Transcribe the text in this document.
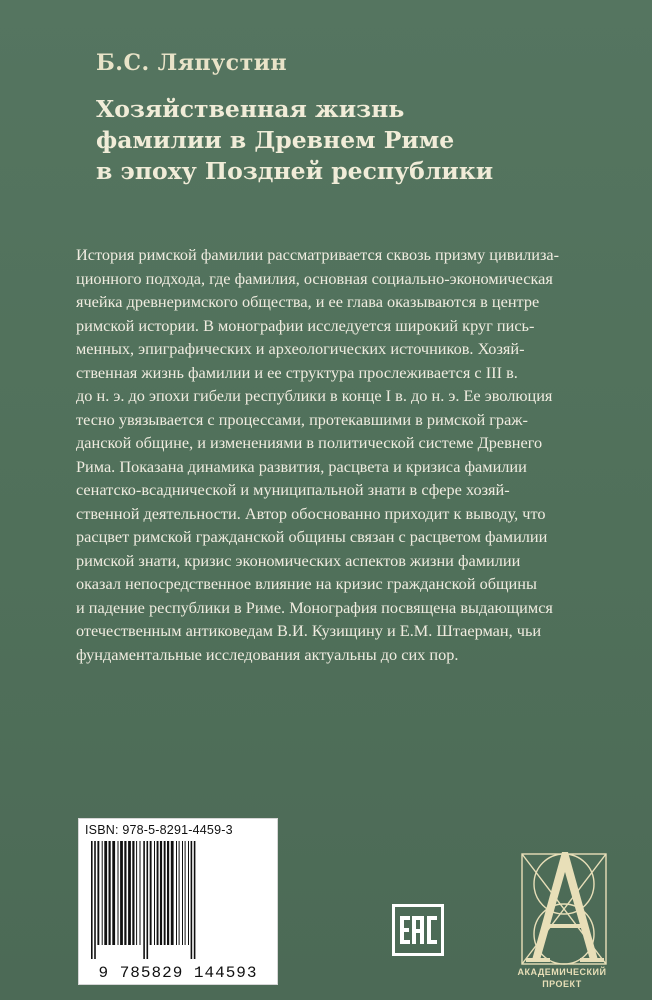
Б.С. Ляпустин
Хозяйственная жизнь
фамилии в Древнем Риме
в эпоху Поздней республики
История римской фамилии рассматривается сквозь призму цивилиза-
ционного подхода, где фамилия, основная социально-экономическая
ячейка древнеримского общества, и ее глава оказываются в центре
римской истории. В монографии исследуется широкий круг пись-
менных, эпиграфических и археологических источников. Хозяй-
ственная жизнь фамилии и ее структура прослеживается с III в.
до н. э. до эпохи гибели республики в конце I в. до н. э. Ее эволюция
тесно увязывается с процессами, протекавшими в римской граж-
данской общине, и изменениями в политической системе Древнего
Рима. Показана динамика развития, расцвета и кризиса фамилии
сенатско-всаднической и муниципальной знати в сфере хозяй-
ственной деятельности. Автор обоснованно приходит к выводу, что
расцвет римской гражданской общины связан с расцветом фамилии
римской знати, кризис экономических аспектов жизни фамилии
оказал непосредственное влияние на кризис гражданской общины
и падение республики в Риме. Монография посвящена выдающимся
отечественным антиковедам В.И. Кузищину и Е.М. Штаерман, чьи
фундаментальные исследования актуальны до сих пор.
ISBN: 978-5-8291-4459-3
9 785829 144593	АКАДЕМИЧЕСКИЙ
ПРОЕКТ
